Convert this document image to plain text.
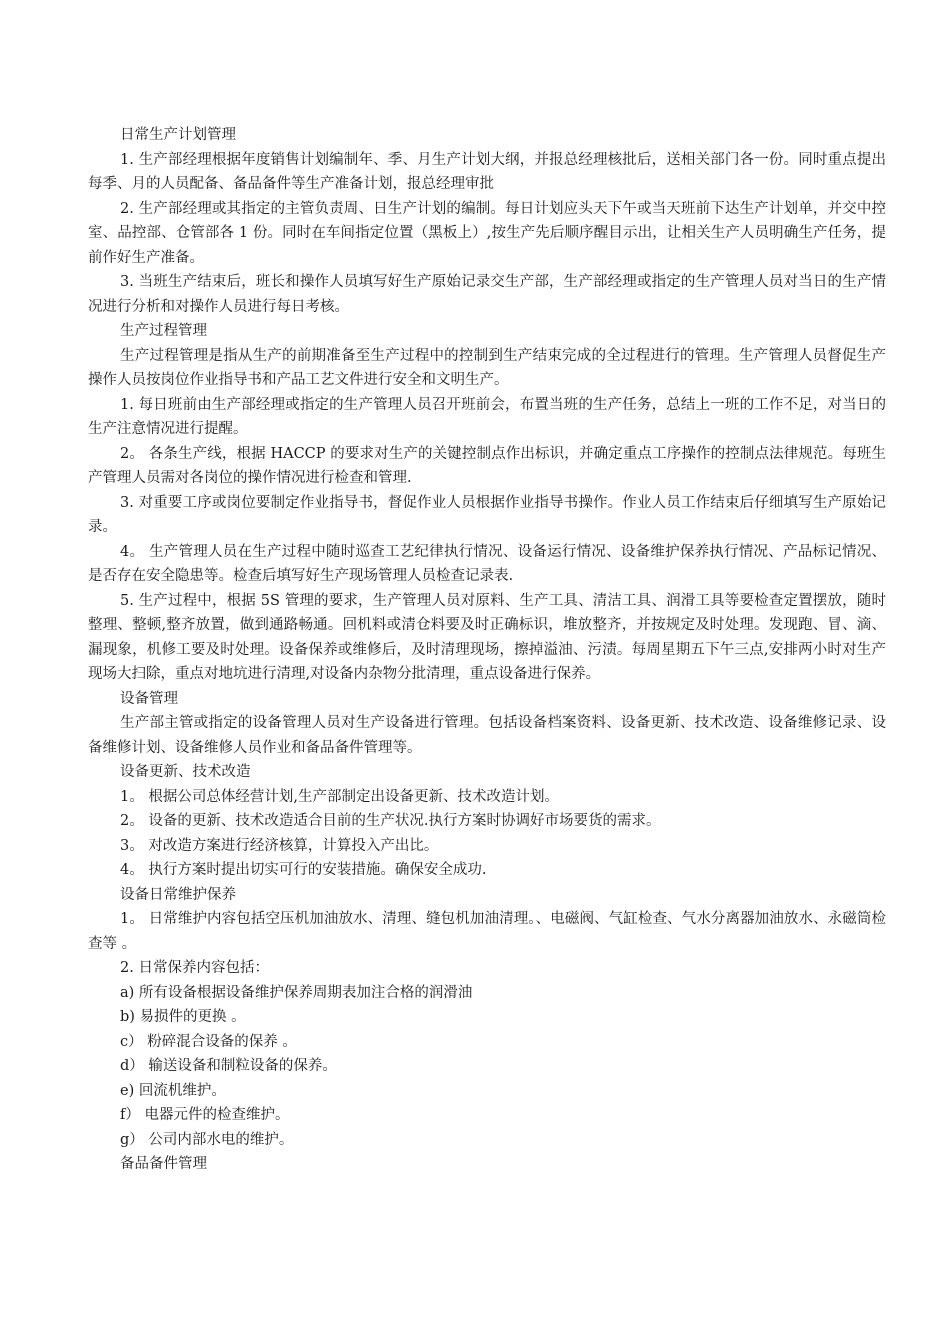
日常生产计划管理

1. 生产部经理根据年度销售计划编制年、季、月生产计划大纲，并报总经理核批后，送相关部门各一份。同时重点提出每季、月的人员配备、备品备件等生产准备计划，报总经理审批

2. 生产部经理或其指定的主管负责周、日生产计划的编制。每日计划应头天下午或当天班前下达生产计划单，并交中控室、品控部、仓管部各 1 份。同时在车间指定位置（黑板上）,按生产先后顺序醒目示出，让相关生产人员明确生产任务，提前作好生产准备。

3. 当班生产结束后，班长和操作人员填写好生产原始记录交生产部，生产部经理或指定的生产管理人员对当日的生产情况进行分析和对操作人员进行每日考核。

生产过程管理

生产过程管理是指从生产的前期准备至生产过程中的控制到生产结束完成的全过程进行的管理。生产管理人员督促生产操作人员按岗位作业指导书和产品工艺文件进行安全和文明生产。

1. 每日班前由生产部经理或指定的生产管理人员召开班前会，布置当班的生产任务，总结上一班的工作不足，对当日的生产注意情况进行提醒。

2。 各条生产线，根据 HACCP 的要求对生产的关键控制点作出标识，并确定重点工序操作的控制点法律规范。每班生产管理人员需对各岗位的操作情况进行检查和管理.

3. 对重要工序或岗位要制定作业指导书，督促作业人员根据作业指导书操作。作业人员工作结束后仔细填写生产原始记录。

4。 生产管理人员在生产过程中随时巡查工艺纪律执行情况、设备运行情况、设备维护保养执行情况、产品标记情况、是否存在安全隐患等。检查后填写好生产现场管理人员检查记录表.

5. 生产过程中，根据 5S 管理的要求，生产管理人员对原料、生产工具、清洁工具、润滑工具等要检查定置摆放，随时整理、整顿,整齐放置，做到通路畅通。回机料或清仓料要及时正确标识，堆放整齐，并按规定及时处理。发现跑、冒、滴、漏现象，机修工要及时处理。设备保养或维修后，及时清理现场，擦掉溢油、污渍。每周星期五下午三点,安排两小时对生产现场大扫除，重点对地坑进行清理,对设备内杂物分批清理，重点设备进行保养。

设备管理

生产部主管或指定的设备管理人员对生产设备进行管理。包括设备档案资料、设备更新、技术改造、设备维修记录、设备维修计划、设备维修人员作业和备品备件管理等。

设备更新、技术改造

1。 根据公司总体经营计划,生产部制定出设备更新、技术改造计划。

2。 设备的更新、技术改造适合目前的生产状况.执行方案时协调好市场要货的需求。

3。 对改造方案进行经济核算，计算投入产出比。

4。 执行方案时提出切实可行的安装措施。确保安全成功.

设备日常维护保养

1。 日常维护内容包括空压机加油放水、清理、缝包机加油清理。、电磁阀、气缸检查、气水分离器加油放水、永磁筒检查等 。

2. 日常保养内容包括：

a) 所有设备根据设备维护保养周期表加注合格的润滑油

b) 易损件的更换 。

c） 粉碎混合设备的保养 。

d） 输送设备和制粒设备的保养。

e) 回流机维护。

f） 电器元件的检查维护。

g） 公司内部水电的维护。

备品备件管理
